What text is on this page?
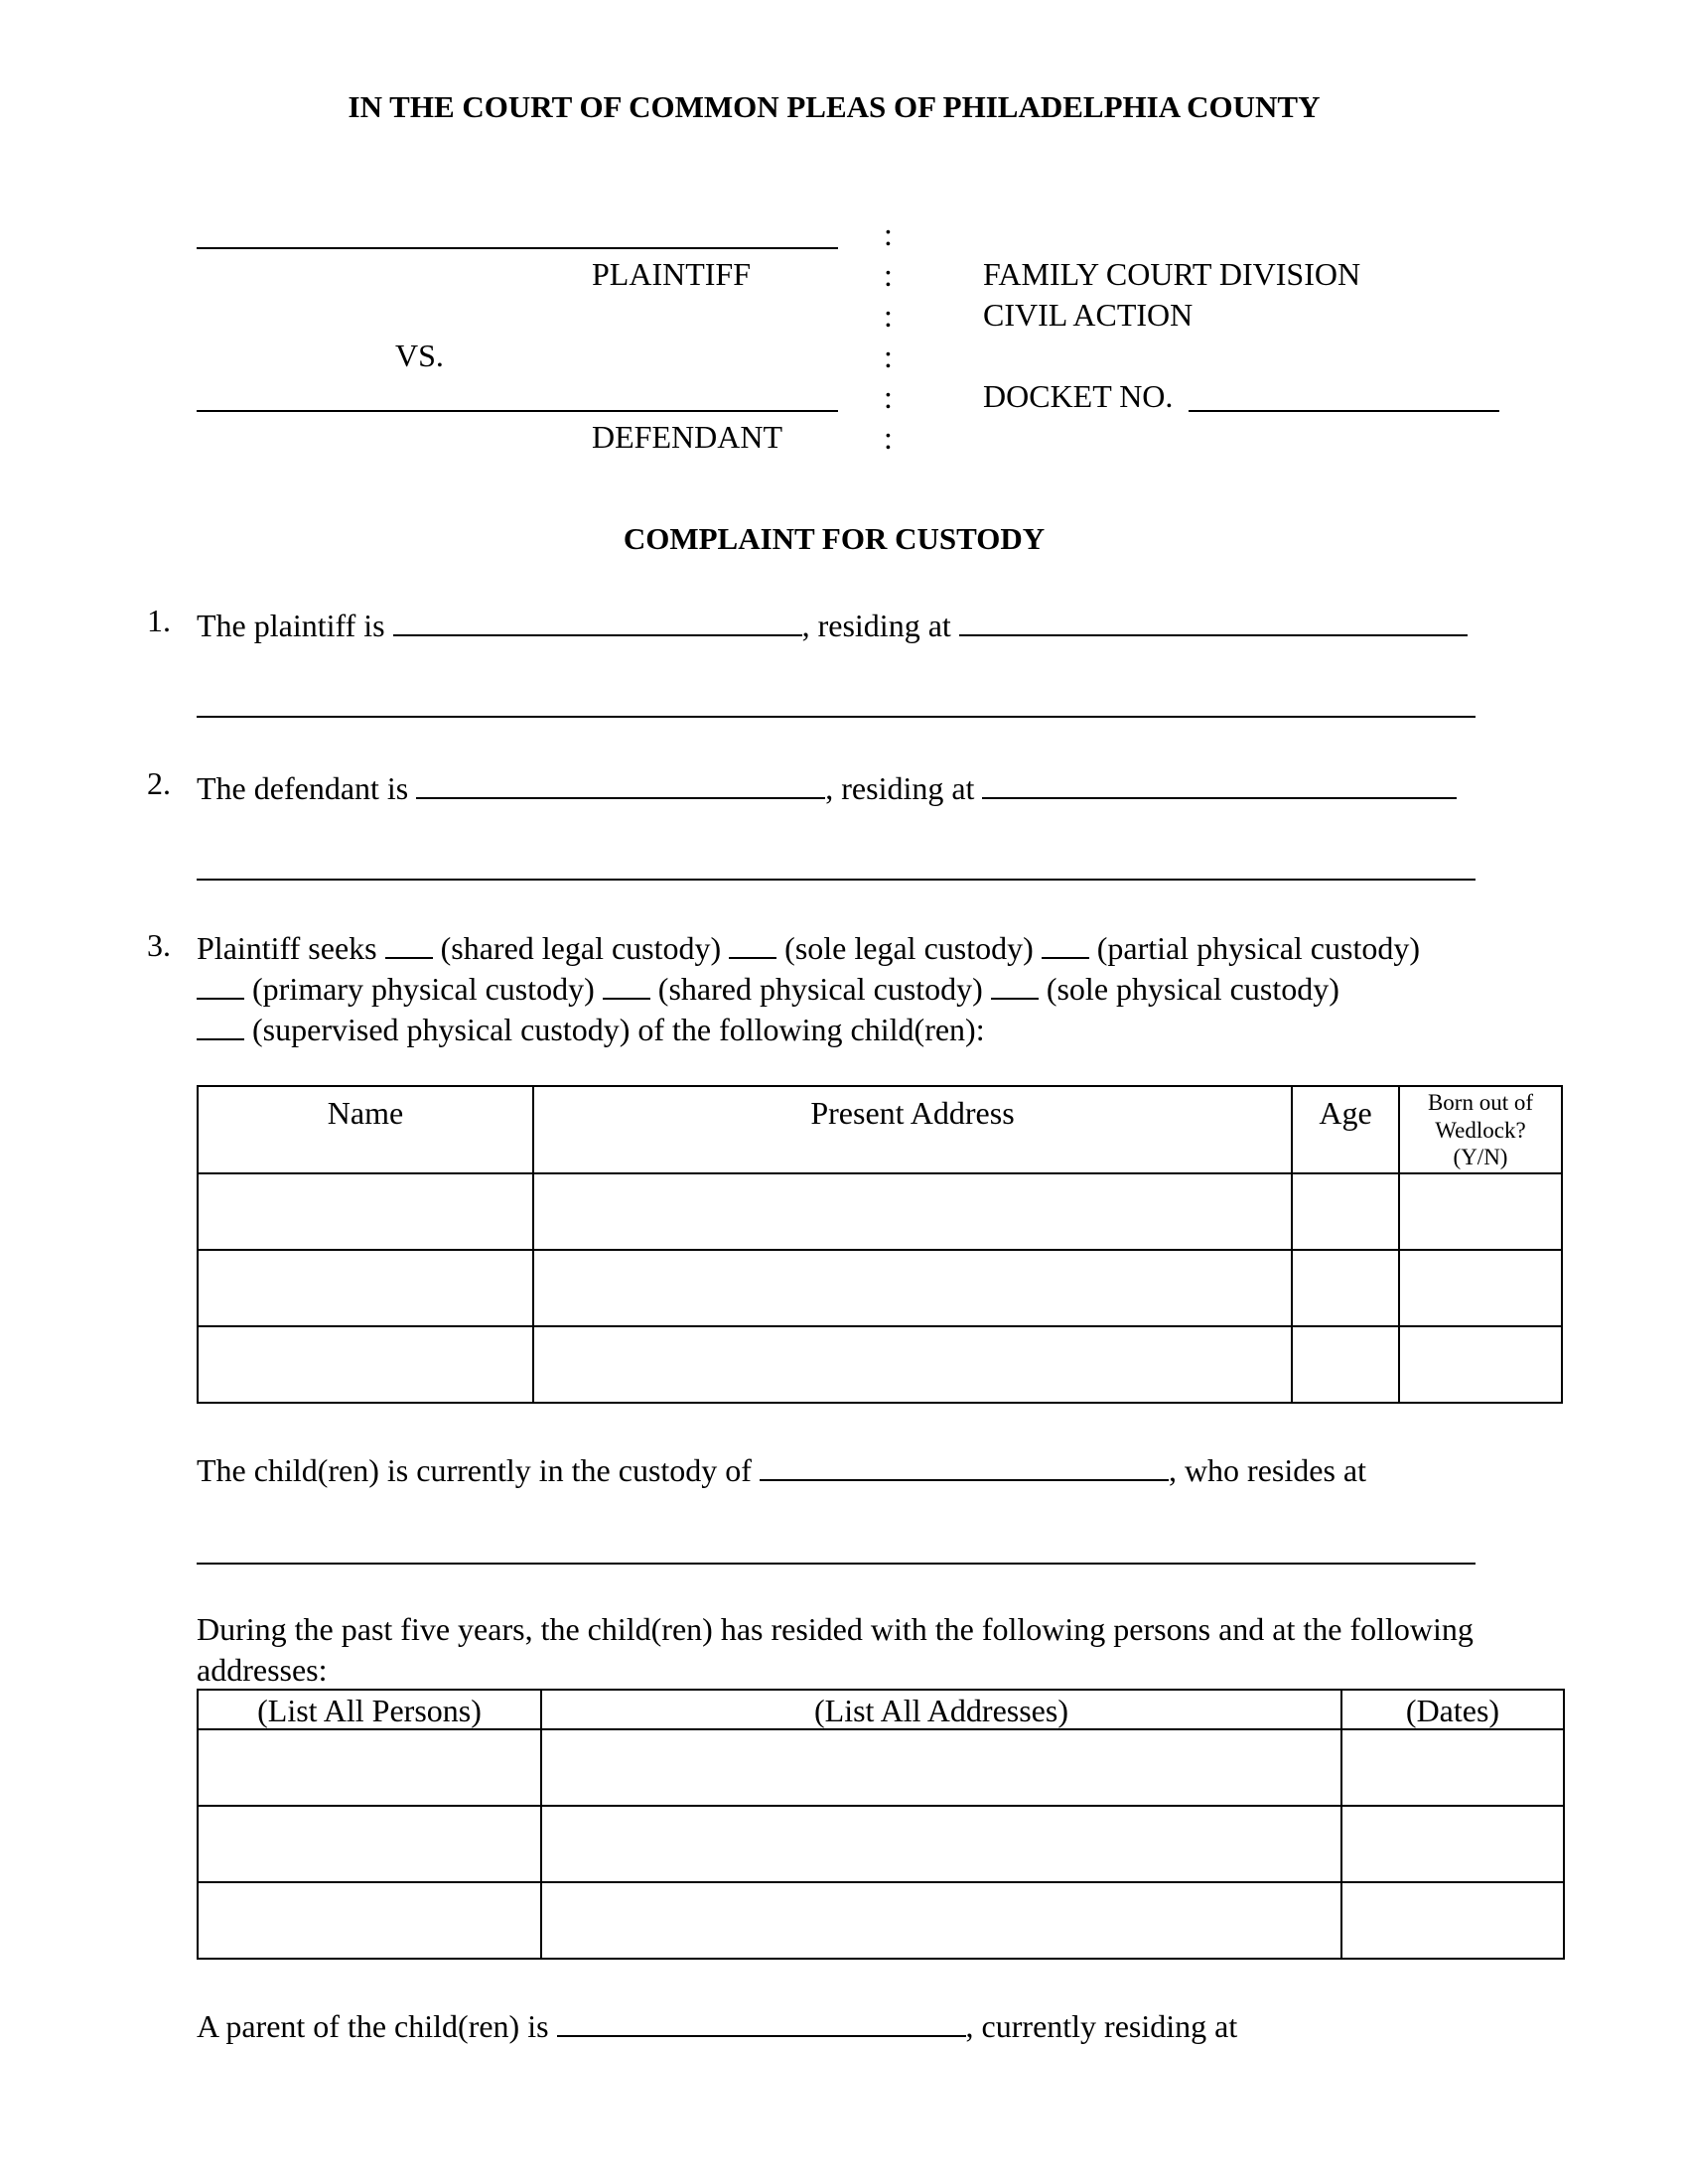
IN THE COURT OF COMMON PLEAS OF PHILADELPHIA COUNTY
PLAINTIFF
VS.
DEFENDANT
:
:
:
:
:
:
FAMILY COURT DIVISION
CIVIL ACTION
DOCKET NO.
COMPLAINT FOR CUSTODY
1. The plaintiff is	, residing at
2. The defendant is	, residing at
3. Plaintiff seeks (shared legal custody) (sole legal custody) (partial physical custody)
(primary physical custody) (shared physical custody) (sole physical custody)
(supervised physical custody) of the following child(ren):
Name	Present Address	Age	Born out of
Wedlock?
(Y/N)

The child(ren) is currently in the custody of	, who resides at
During the past five years, the child(ren) has resided with the following persons and at the following
addresses:
(List All Persons)	(List All Addresses)	(Dates)

A parent of the child(ren) is	, currently residing at
